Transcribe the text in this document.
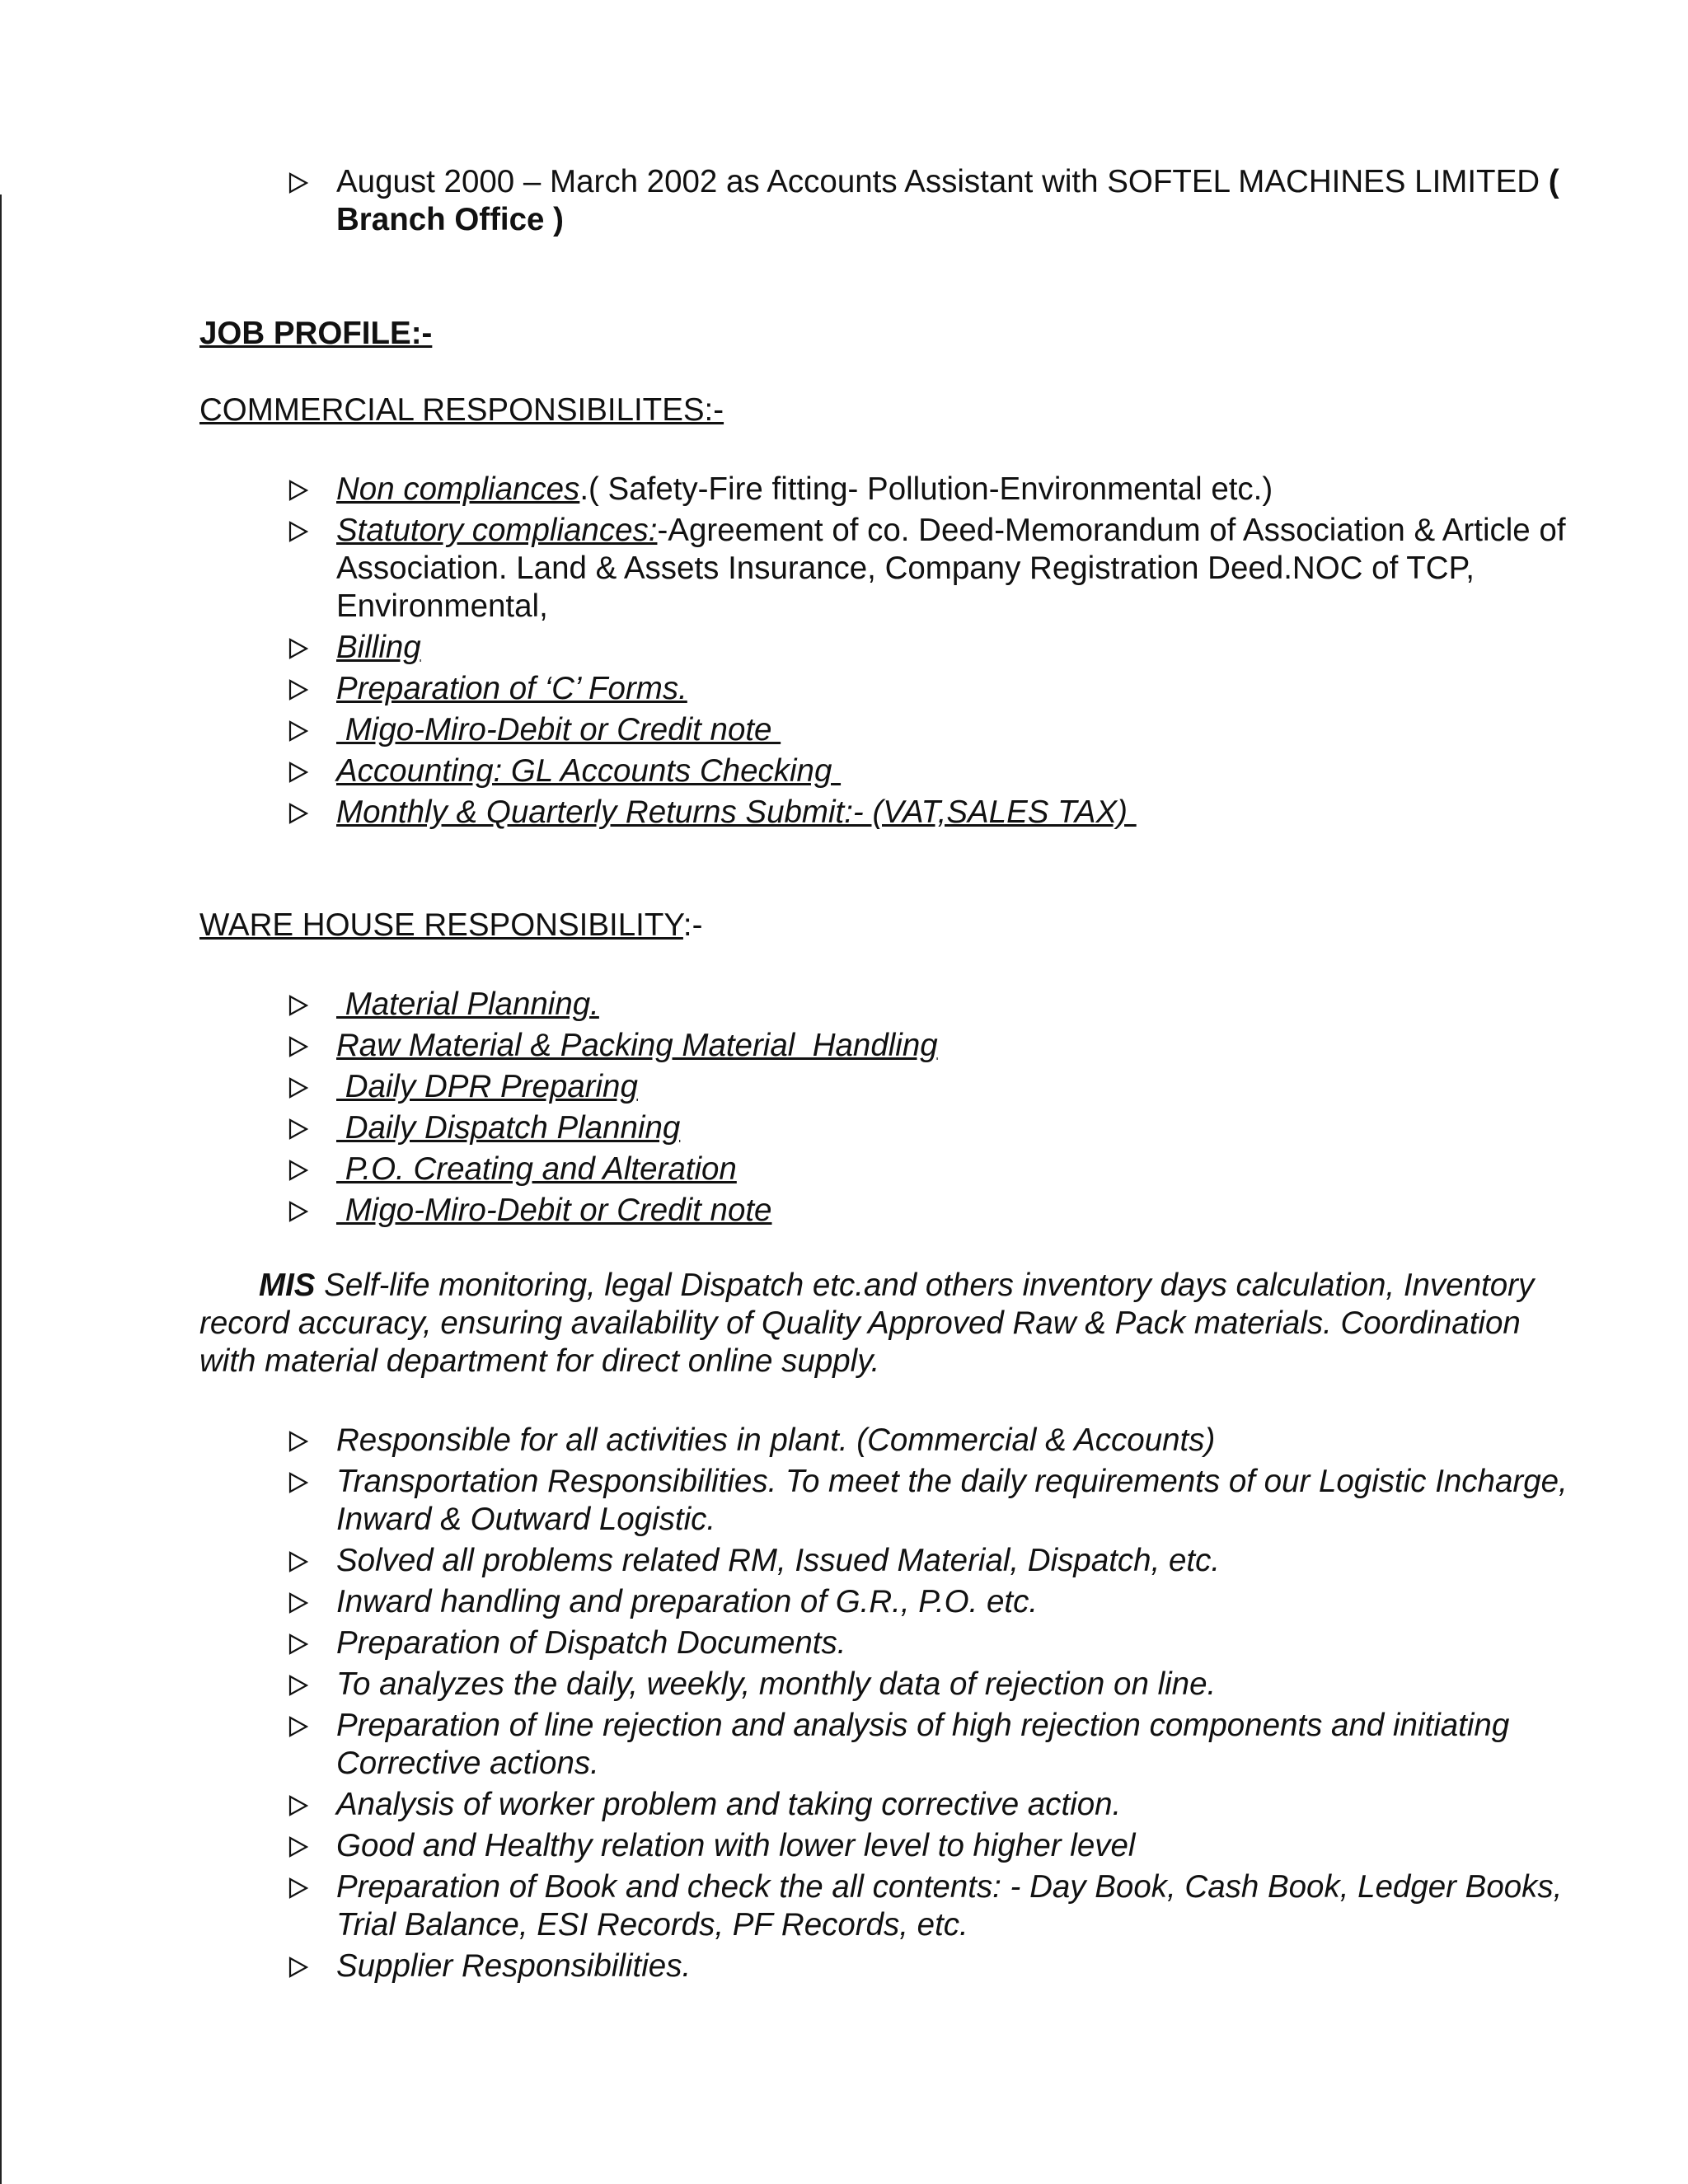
August 2000 – March 2002 as Accounts Assistant with SOFTEL MACHINES LIMITED ( Branch Office )
JOB PROFILE:-
COMMERCIAL RESPONSIBILITES:-
Non compliances.( Safety-Fire fitting- Pollution-Environmental etc.)
Statutory compliances:-Agreement of co. Deed-Memorandum of Association & Article of Association. Land & Assets Insurance, Company Registration Deed.NOC of TCP, Environmental,
Billing
Preparation of ‘C’ Forms.
Migo-Miro-Debit or Credit note
Accounting: GL Accounts Checking
Monthly & Quarterly Returns Submit:- (VAT,SALES TAX)
WARE HOUSE RESPONSIBILITY:-
Material Planning.
Raw Material & Packing Material  Handling
Daily DPR Preparing
Daily Dispatch Planning
P.O. Creating and Alteration
Migo-Miro-Debit or Credit note
MIS Self-life monitoring, legal Dispatch etc.and others inventory days calculation, Inventory record accuracy, ensuring availability of Quality Approved Raw & Pack materials. Coordination with material department for direct online supply.
Responsible for all activities in plant. (Commercial & Accounts)
Transportation Responsibilities. To meet the daily requirements of our Logistic Incharge, Inward & Outward Logistic.
Solved all problems related RM, Issued Material, Dispatch, etc.
Inward handling and preparation of G.R., P.O. etc.
Preparation of Dispatch Documents.
To analyzes the daily, weekly, monthly data of rejection on line.
Preparation of line rejection and analysis of high rejection components and initiating Corrective actions.
Analysis of worker problem and taking corrective action.
Good and Healthy relation with lower level to higher level
Preparation of Book and check the all contents: - Day Book, Cash Book, Ledger Books, Trial Balance, ESI Records, PF Records, etc.
Supplier Responsibilities.
